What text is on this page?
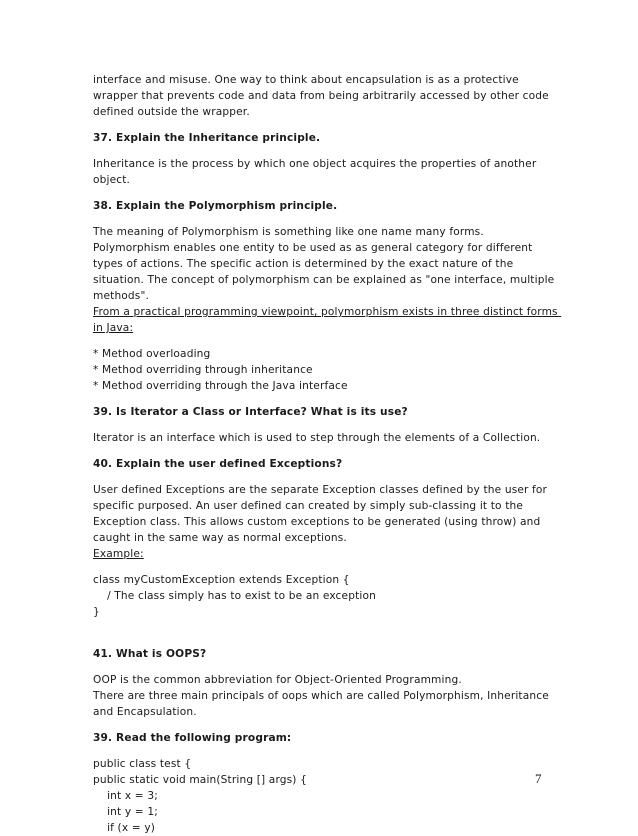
interface and misuse. One way to think about encapsulation is as a protective

wrapper that prevents code and data from being arbitrarily accessed by other code

defined outside the wrapper.

37. Explain the Inheritance principle.

Inheritance is the process by which one object acquires the properties of another

object.

38. Explain the Polymorphism principle.

The meaning of Polymorphism is something like one name many forms.

Polymorphism enables one entity to be used as as general category for different

types of actions. The specific action is determined by the exact nature of the

situation. The concept of polymorphism can be explained as "one interface, multiple

methods".

From a practical programming viewpoint, polymorphism exists in three distinct forms

in Java:

* Method overloading

* Method overriding through inheritance

* Method overriding through the Java interface

39. Is Iterator a Class or Interface? What is its use?

Iterator is an interface which is used to step through the elements of a Collection.

40. Explain the user defined Exceptions?

User defined Exceptions are the separate Exception classes defined by the user for

specific purposed. An user defined can created by simply sub-classing it to the

Exception class. This allows custom exceptions to be generated (using throw) and

caught in the same way as normal exceptions.

Example:

class myCustomException extends Exception {

/ The class simply has to exist to be an exception

}

41. What is OOPS?

OOP is the common abbreviation for Object-Oriented Programming.

There are three main principals of oops which are called Polymorphism, Inheritance

and Encapsulation.

39. Read the following program:

public class test {

public static void main(String [] args) {

int x = 3;

int y = 1;

if (x = y)

7
